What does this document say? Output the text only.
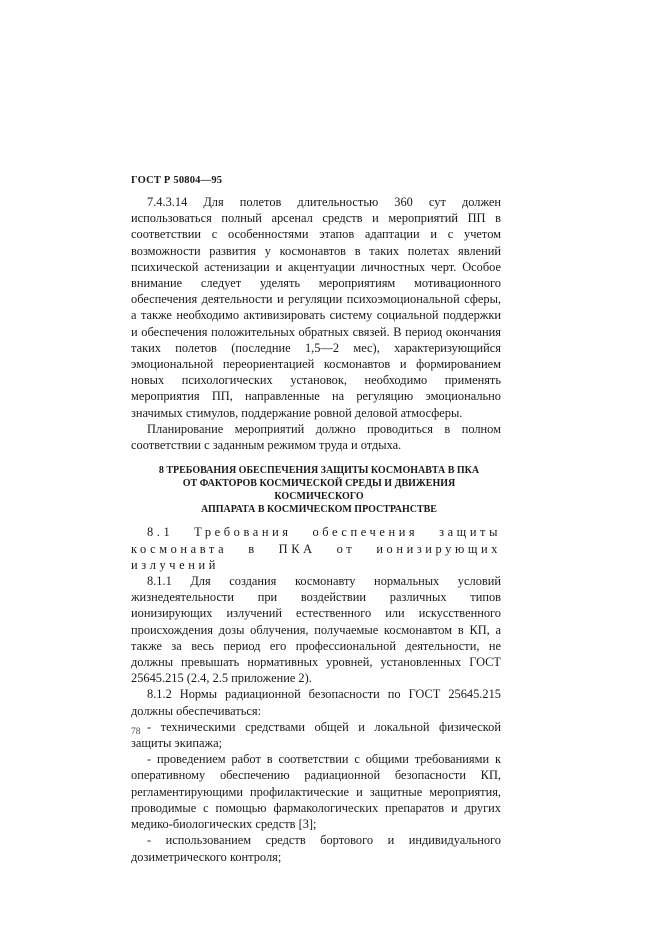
ГОСТ Р 50804—95

7.4.3.14 Для полетов длительностью 360 сут должен использоваться полный арсенал средств и мероприятий ПП в соответствии с особенностями этапов адаптации и с учетом возможности развития у космонавтов в таких полетах явлений психической астенизации и акцентуации личностных черт. Особое внимание следует уделять мероприятиям мотивационного обеспечения деятельности и регуляции психоэмоциональной сферы, а также необходимо активизировать систему социальной поддержки и обеспечения положительных обратных связей. В период окончания таких полетов (последние 1,5—2 мес), характеризующийся эмоциональной переориентацией космонавтов и формированием новых психологических установок, необходимо применять мероприятия ПП, направленные на регуляцию эмоционально значимых стимулов, поддержание ровной деловой атмосферы.

Планирование мероприятий должно проводиться в полном соответствии с заданным режимом труда и отдыха.

8 ТРЕБОВАНИЯ ОБЕСПЕЧЕНИЯ ЗАЩИТЫ КОСМОНАВТА В ПКА
ОТ ФАКТОРОВ КОСМИЧЕСКОЙ СРЕДЫ И ДВИЖЕНИЯ КОСМИЧЕСКОГО
АППАРАТА В КОСМИЧЕСКОМ ПРОСТРАНСТВЕ

8.1 Требования обеспечения защиты космонавта в ПКА от ионизирующих излучений

8.1.1 Для создания космонавту нормальных условий жизнедеятельности при воздействии различных типов ионизирующих излучений естественного или искусственного происхождения дозы облучения, получаемые космонавтом в КП, а также за весь период его профессиональной деятельности, не должны превышать нормативных уровней, установленных ГОСТ 25645.215 (2.4, 2.5 приложение 2).

8.1.2 Нормы радиационной безопасности по ГОСТ 25645.215 должны обеспечиваться:

- техническими средствами общей и локальной физической защиты экипажа;

- проведением работ в соответствии с общими требованиями к оперативному обеспечению радиационной безопасности КП, регламентирующими профилактические и защитные мероприятия, проводимые с помощью фармакологических препаратов и других медико-биологических средств [3];

- использованием средств бортового и индивидуального дозиметрического контроля;

78
